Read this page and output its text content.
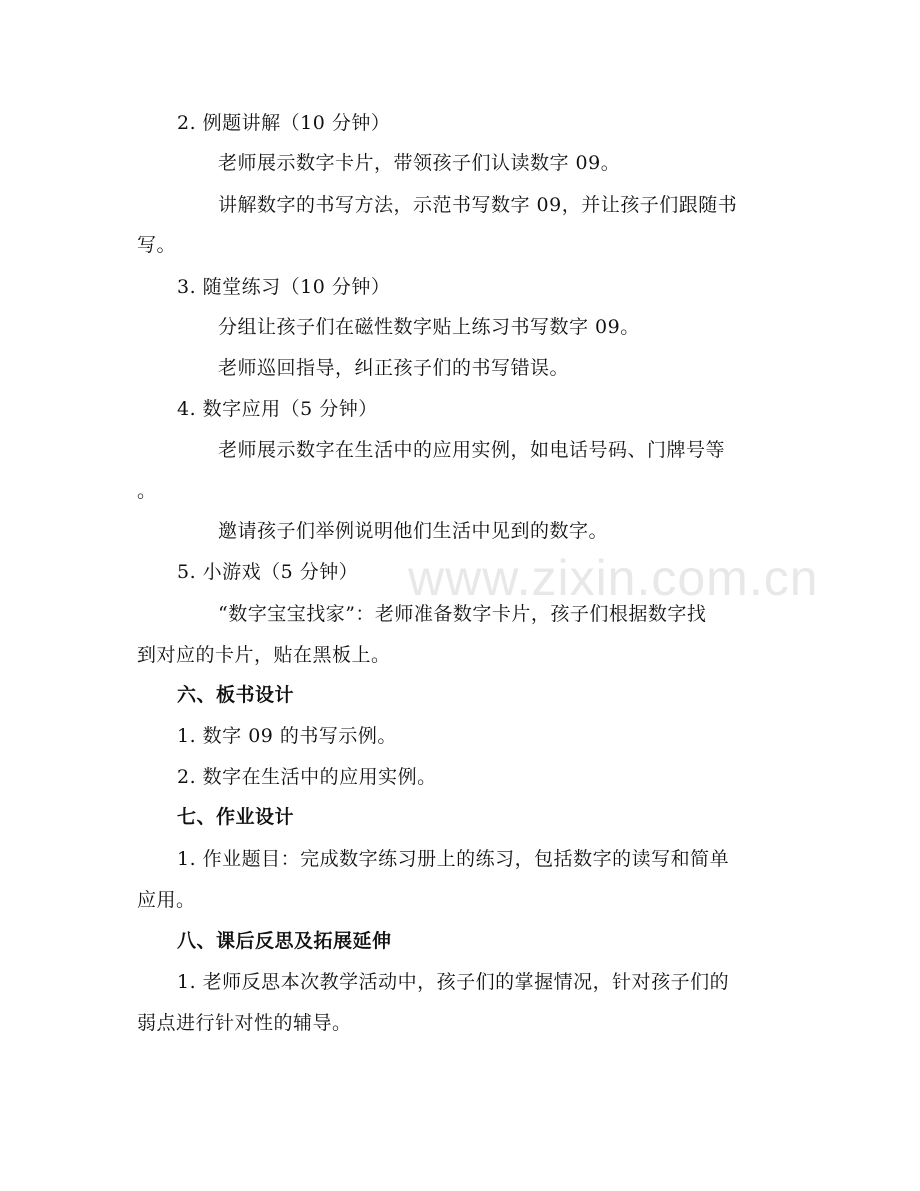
2. 例题讲解（10 分钟）
老师展示数字卡片，带领孩子们认读数字 09。
讲解数字的书写方法，示范书写数字 09，并让孩子们跟随书
写。
3. 随堂练习（10 分钟）
分组让孩子们在磁性数字贴上练习书写数字 09。
老师巡回指导，纠正孩子们的书写错误。
4. 数字应用（5 分钟）
老师展示数字在生活中的应用实例，如电话号码、门牌号等
。
邀请孩子们举例说明他们生活中见到的数字。
5. 小游戏（5 分钟）
“数字宝宝找家”：老师准备数字卡片，孩子们根据数字找
到对应的卡片，贴在黑板上。
六、板书设计
1. 数字 09 的书写示例。
2. 数字在生活中的应用实例。
七、作业设计
1. 作业题目：完成数字练习册上的练习，包括数字的读写和简单
应用。
八、课后反思及拓展延伸
1. 老师反思本次教学活动中，孩子们的掌握情况，针对孩子们的
弱点进行针对性的辅导。
www.zixin.com.cn
